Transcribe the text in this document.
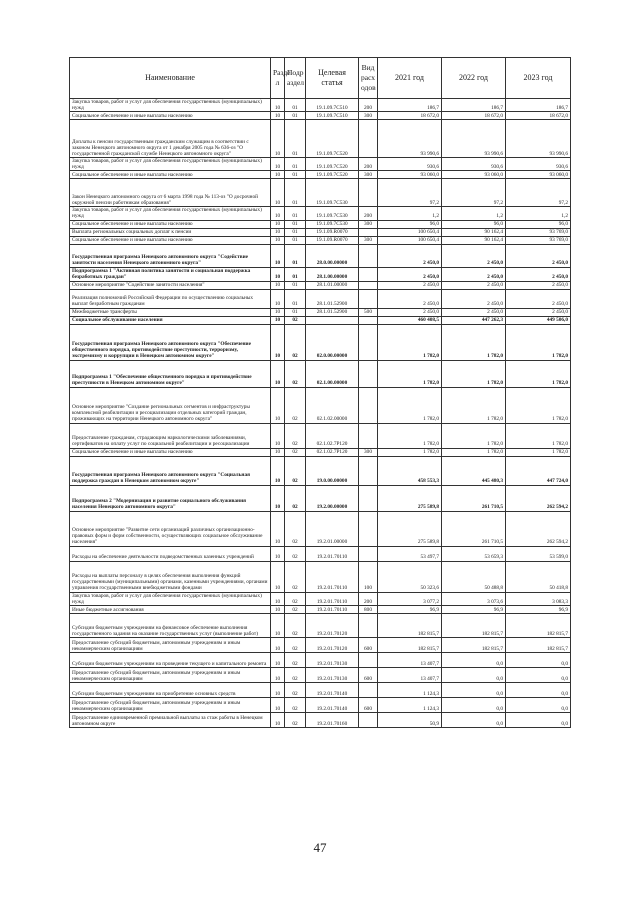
Наименование	Разде л	Подр аздел	Целевая статья	Вид расх одов	2021 год	2022 год	2023 год
Закупка товаров, работ и услуг для обеспечения государственных (муниципальных) нужд	10	01	19.1.09.7С510	200	186,7	186,7	186,7
Социальное обеспечение и иные выплаты населению	10	01	19.1.09.7С510	300	18 672,0	18 672,0	18 672,0
Доплаты к пенсии государственным гражданским служащим в соответствии с законом Ненецкого автономного округа от 1 декабря 2005 года № 636-оз "О государственной гражданской службе Ненецкого автономного округа"	10	01	19.1.09.7С520		93 990,6	93 990,6	93 990,6
Закупка товаров, работ и услуг для обеспечения государственных (муниципальных) нужд	10	01	19.1.09.7С520	200	930,6	930,6	930,6
Социальное обеспечение и иные выплаты населению	10	01	19.1.09.7С520	300	93 060,0	93 060,0	93 060,0
Закон Ненецкого автономного округа от 6 марта 1998 года № 113-оз "О досрочной окружной пенсии работникам образования"	10	01	19.1.09.7С530		97,2	97,2	97,2
Закупка товаров, работ и услуг для обеспечения государственных (муниципальных) нужд	10	01	19.1.09.7С530	200	1,2	1,2	1,2
Социальное обеспечение и иные выплаты населению	10	01	19.1.09.7С530	300	96,0	96,0	96,0
Выплата региональных социальных доплат к пенсии	10	01	19.1.09.R0070		100 650,4	90 162,4	93 769,0
Социальное обеспечение и иные выплаты населению	10	01	19.1.09.R0070	300	100 650,4	90 162,4	93 769,0
Государственная программа Ненецкого автономного округа "Содействие занятости населения Ненецкого автономного округа"	10	01	28.0.00.00000		2 450,0	2 450,0	2 450,0
Подпрограмма 1 "Активная политика занятости и социальная поддержка безработных граждан"	10	01	28.1.00.00000		2 450,0	2 450,0	2 450,0
Основное мероприятие "Содействие занятости населения"	10	01	28.1.01.00000		2 450,0	2 450,0	2 450,0
Реализация полномочий Российской Федерации по осуществлению социальных выплат безработным гражданам	10	01	28.1.01.52900		2 450,0	2 450,0	2 450,0
Межбюджетные трансферты	10	01	28.1.01.52900	500	2 450,0	2 450,0	2 450,0
Социальное обслуживание населения	10	02			460 408,5	447 262,3	449 506,0
Государственная программа Ненецкого автономного округа "Обеспечение общественного порядка, противодействие преступности, терроризму, экстремизму и коррупции в Ненецком автономном округе"	10	02	02.0.00.00000		1 782,0	1 782,0	1 782,0
Подпрограмма 1 "Обеспечение общественного порядка и противодействие преступности в Ненецком автономном округе"	10	02	02.1.00.00000		1 782,0	1 782,0	1 782,0
Основное мероприятие "Создание региональных сегментов и инфраструктуры комплексной реабилитации и ресоциализации отдельных категорий граждан, проживающих на территории Ненецкого автономного округа"	10	02	02.1.02.00000		1 782,0	1 782,0	1 782,0
Предоставление гражданам, страдающим наркологическими заболеваниями, сертификатов на оплату услуг по социальной реабилитации и ресоциализации	10	02	02.1.02.7Р120		1 782,0	1 782,0	1 782,0
Социальное обеспечение и иные выплаты населению	10	02	02.1.02.7Р120	300	1 782,0	1 782,0	1 782,0
Государственная программа Ненецкого автономного округа "Социальная поддержка граждан в Ненецком автономном округе"	10	02	19.0.00.00000		458 553,3	445 480,3	447 724,0
Подпрограмма 2 "Модернизация и развитие социального обслуживания населения Ненецкого автономного округа"	10	02	19.2.00.00000		275 589,8	261 710,5	262 594,2
Основное мероприятие "Развитие сети организаций различных организационно-правовых форм и форм собственности, осуществляющих социальное обслуживание населения"	10	02	19.2.01.00000		275 589,8	261 710,5	262 594,2
Расходы на обеспечение деятельности подведомственных казенных учреждений	10	02	19.2.01.70110		53 497,7	53 659,3	53 599,0
Расходы на выплаты персоналу в целях обеспечения выполнения функций государственными (муниципальными) органами, казенными учреждениями, органами управления государственными внебюджетными фондами	10	02	19.2.01.70110	100	50 323,6	50 488,8	50 418,8
Закупка товаров, работ и услуг для обеспечения государственных (муниципальных) нужд	10	02	19.2.01.70110	200	3 077,2	3 073,6	3 083,3
Иные бюджетные ассигнования	10	02	19.2.01.70110	800	96,9	96,9	96,9
Субсидии бюджетным учреждениям на финансовое обеспечение выполнения государственного задания на оказание государственных услуг (выполнение работ)	10	02	19.2.01.70120		182 815,7	182 815,7	182 815,7
Предоставление субсидий бюджетным, автономным учреждениям и иным некоммерческим организациям	10	02	19.2.01.70120	600	182 815,7	182 815,7	182 815,7
Субсидии бюджетным учреждениям на проведение текущего и капитального ремонта	10	02	19.2.01.70130		13 407,7	0,0	0,0
Предоставление субсидий бюджетным, автономным учреждениям и иным некоммерческим организациям	10	02	19.2.01.70130	600	13 407,7	0,0	0,0
Субсидии бюджетным учреждениям на приобретение основных средств	10	02	19.2.01.70140		1 124,3	0,0	0,0
Предоставление субсидий бюджетным, автономным учреждениям и иным некоммерческим организациям	10	02	19.2.01.70140	600	1 124,3	0,0	0,0
Предоставление единовременной премиальной выплаты за стаж работы в Ненецком автономном округе	10	02	19.2.01.70160		50,9	0,0	0,0
47
